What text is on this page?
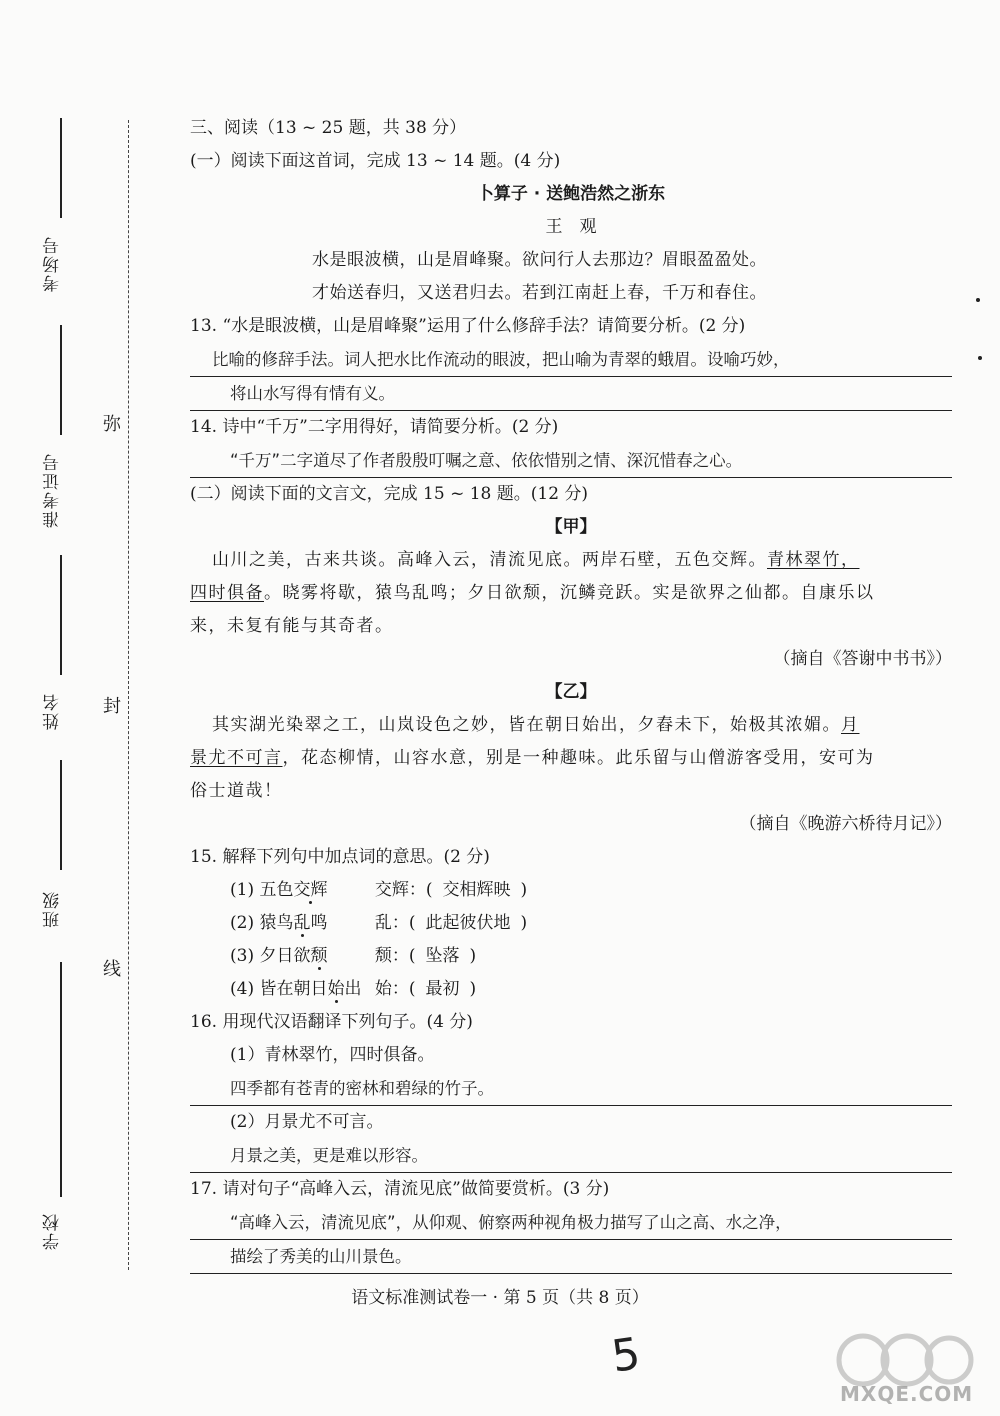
考场号
准考证号
姓名
班级
学校
弥
封
线
三、阅读（13 ~ 25 题，共 38 分）
(一）阅读下面这首词，完成 13 ~ 14 题。(4 分)
卜算子 · 送鲍浩然之浙东
王　观
水是眼波横，山是眉峰聚。欲问行人去那边？眉眼盈盈处。
才始送春归，又送君归去。若到江南赶上春，千万和春住。
13. “水是眼波横，山是眉峰聚”运用了什么修辞手法？请简要分析。(2 分)
比喻的修辞手法。词人把水比作流动的眼波，把山喻为青翠的蛾眉。设喻巧妙，
将山水写得有情有义。
14. 诗中“千万”二字用得好，请简要分析。(2 分)
“千万”二字道尽了作者殷殷叮嘱之意、依依惜别之情、深沉惜春之心。
(二）阅读下面的文言文，完成 15 ~ 18 题。(12 分)
【甲】
山川之美，古来共谈。高峰入云，清流见底。两岸石壁，五色交辉。青林翠竹，
四时俱备。晓雾将歇，猿鸟乱鸣；夕日欲颓，沉鳞竞跃。实是欲界之仙都。自康乐以
来，未复有能与其奇者。
（摘自《答谢中书书》）
【乙】
其实湖光染翠之工，山岚设色之妙，皆在朝日始出，夕舂未下，始极其浓媚。月
景尤不可言，花态柳情，山容水意，别是一种趣味。此乐留与山僧游客受用，安可为
俗士道哉！
（摘自《晚游六桥待月记》）
15. 解释下列句中加点词的意思。(2 分)
(1) 五色交辉	交辉：( 交相辉映 )
(2) 猿鸟乱鸣	乱：( 此起彼伏地 )
(3) 夕日欲颓	颓：( 坠落 )
(4) 皆在朝日始出 始：( 最初 )
16. 用现代汉语翻译下列句子。(4 分)
(1）青林翠竹，四时俱备。
四季都有苍青的密林和碧绿的竹子。
(2）月景尤不可言。
月景之美，更是难以形容。
17. 请对句子“高峰入云，清流见底”做简要赏析。(3 分)
“高峰入云，清流见底”，从仰观、俯察两种视角极力描写了山之高、水之净，
描绘了秀美的山川景色。
语文标准测试卷一 · 第 5 页（共 8 页）
5
MXQE.COM
